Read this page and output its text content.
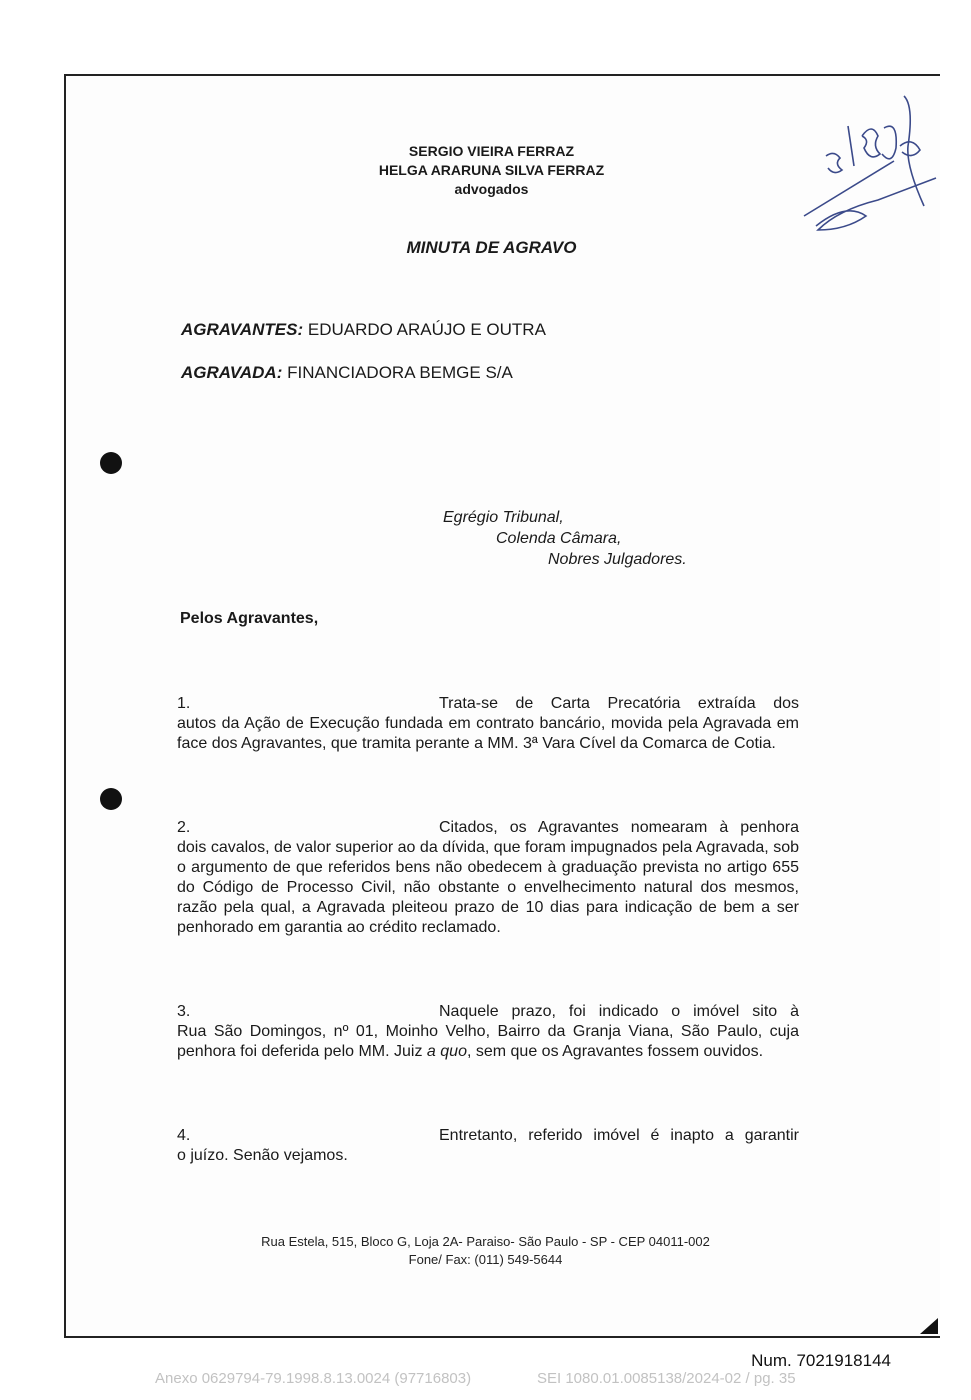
SERGIO VIEIRA FERRAZ
HELGA ARARUNA SILVA FERRAZ
advogados
MINUTA DE AGRAVO
AGRAVANTES: EDUARDO ARAÚJO E OUTRA
AGRAVADA: FINANCIADORA BEMGE S/A
Egrégio Tribunal,
Colenda Câmara,
Nobres Julgadores.
Pelos Agravantes,
1.	Trata-se de Carta Precatória extraída dos
autos da Ação de Execução fundada em contrato bancário, movida pela Agravada em face dos Agravantes, que tramita perante a MM. 3ª Vara Cível da Comarca de Cotia.
2.	Citados, os Agravantes nomearam à penhora
dois cavalos, de valor superior ao da dívida, que foram impugnados pela Agravada, sob o argumento de que referidos bens não obedecem à graduação prevista no artigo 655 do Código de Processo Civil, não obstante o envelhecimento natural dos mesmos, razão pela qual, a Agravada pleiteou prazo de 10 dias para indicação de bem a ser penhorado em garantia ao crédito reclamado.
3.	Naquele prazo, foi indicado o imóvel sito à
Rua São Domingos, nº 01, Moinho Velho, Bairro da Granja Viana, São Paulo, cuja penhora foi deferida pelo MM. Juiz a quo, sem que os Agravantes fossem ouvidos.
4.	Entretanto, referido imóvel é inapto a garantir
o juízo. Senão vejamos.
Rua Estela, 515, Bloco G, Loja 2A- Paraiso- São Paulo - SP - CEP 04011-002
Fone/ Fax: (011) 549-5644
Num. 7021918144
Anexo 0629794-79.1998.8.13.0024 (97716803)	SEI 1080.01.0085138/2024-02 / pg. 35
